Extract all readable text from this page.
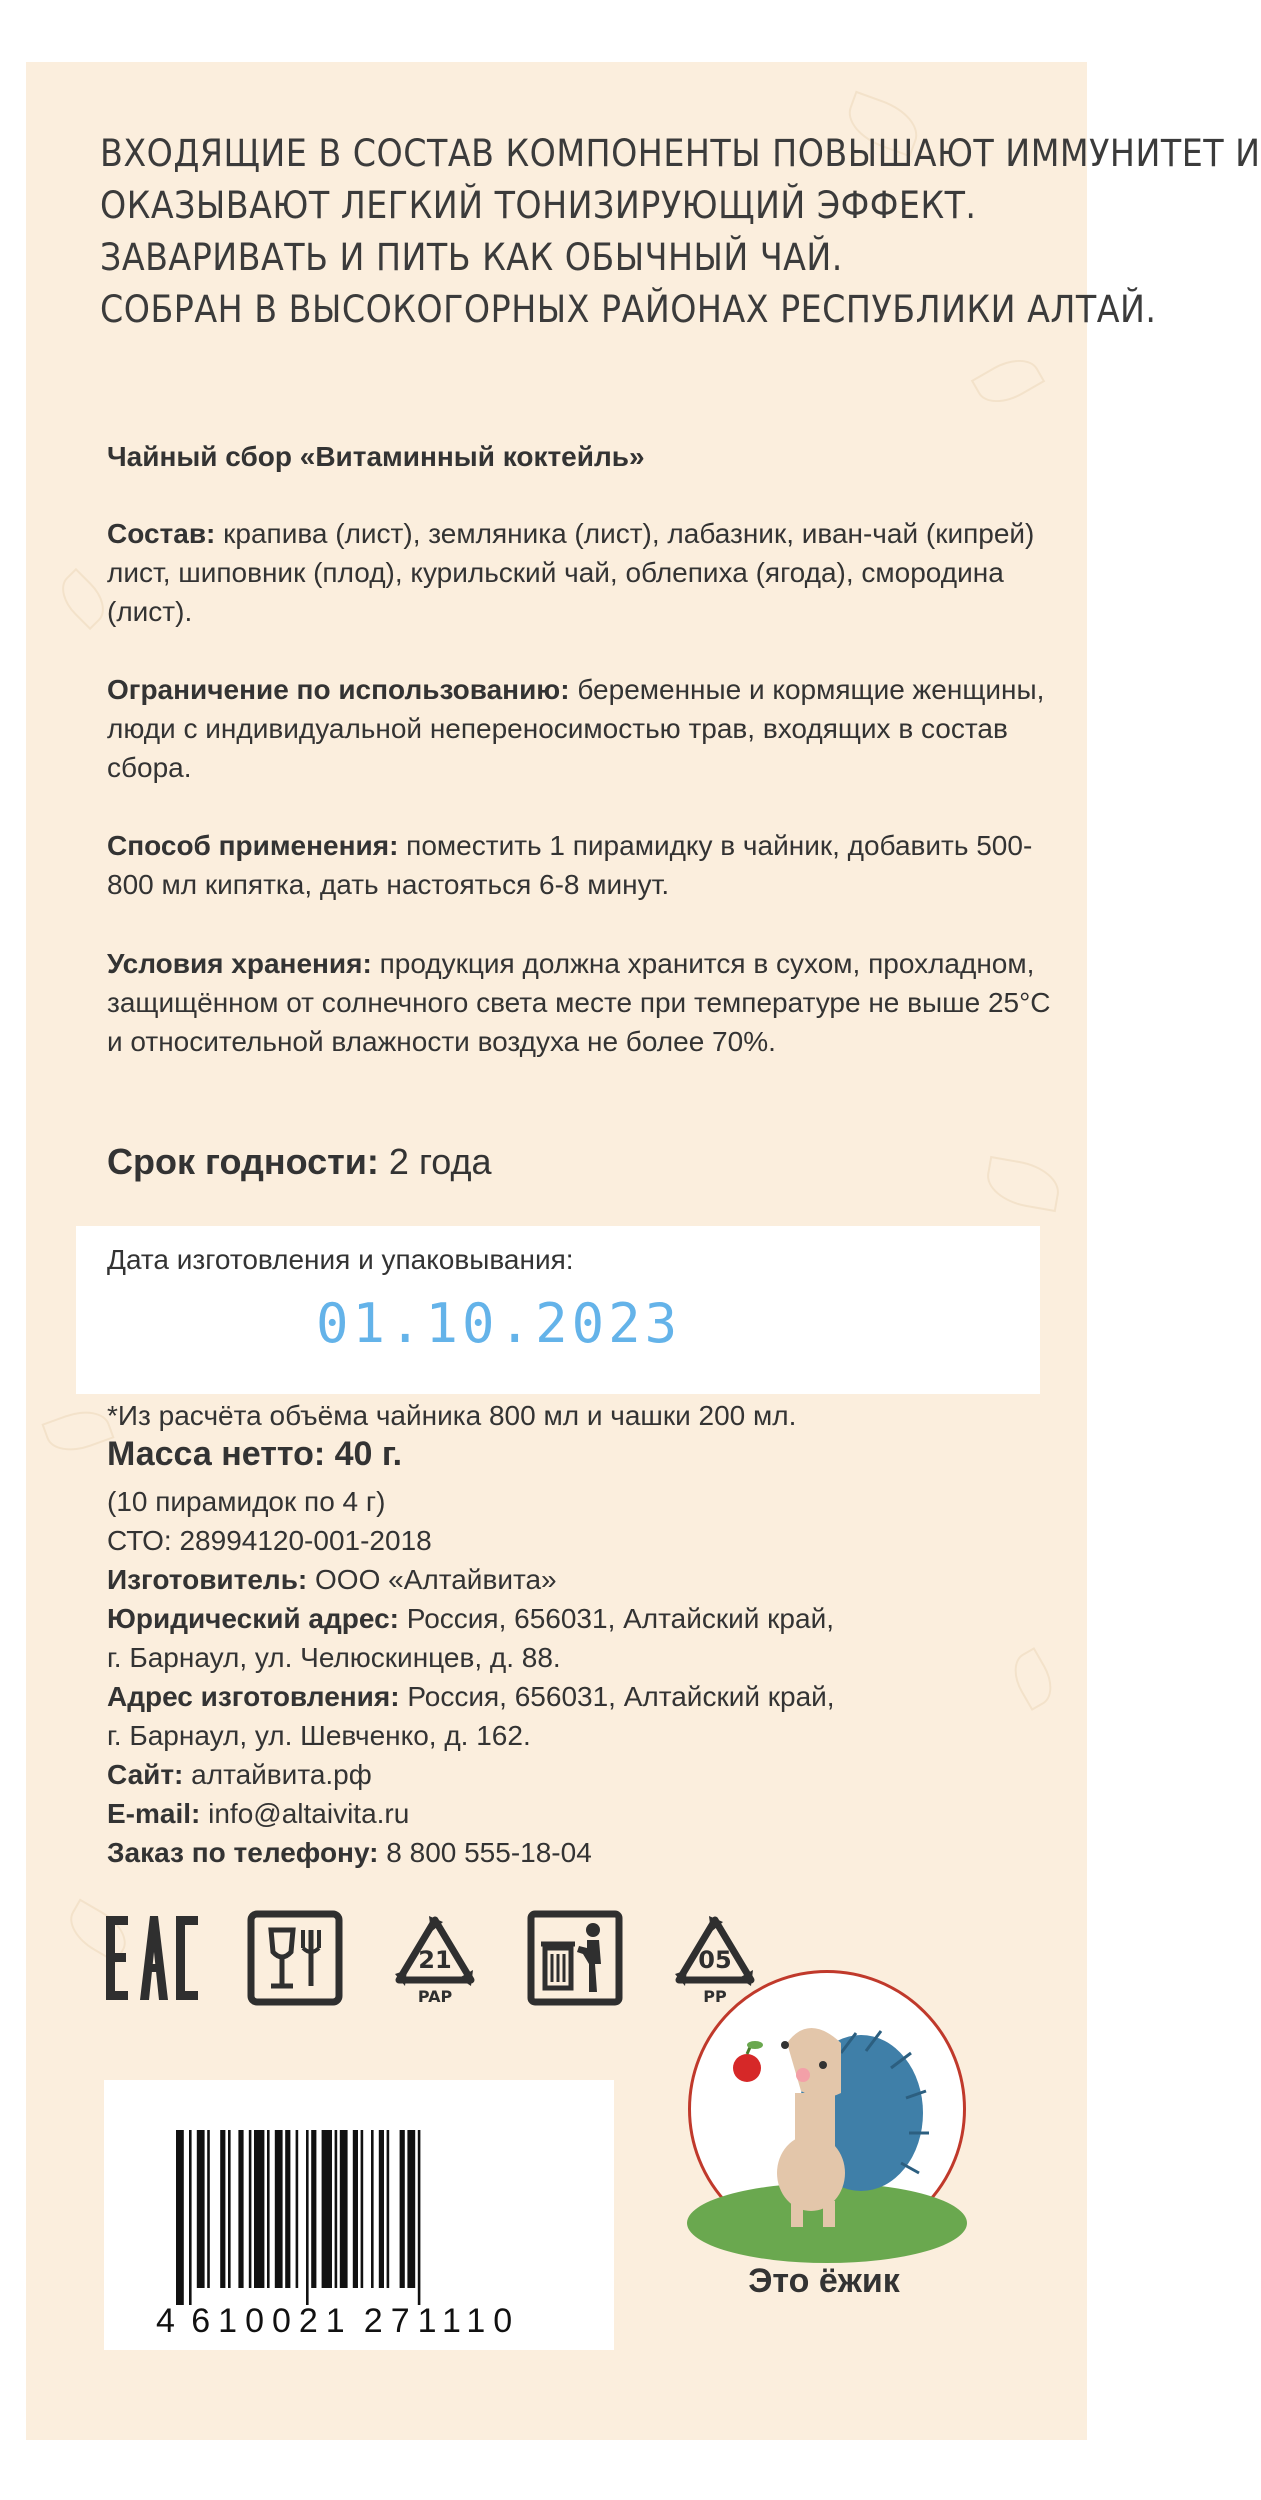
ВХОДЯЩИЕ В СОСТАВ КОМПОНЕНТЫ ПОВЫШАЮТ ИММУНИТЕТ И
ОКАЗЫВАЮТ ЛЕГКИЙ ТОНИЗИРУЮЩИЙ ЭФФЕКТ.
ЗАВАРИВАТЬ И ПИТЬ КАК ОБЫЧНЫЙ ЧАЙ.
СОБРАН В ВЫСОКОГОРНЫХ РАЙОНАХ РЕСПУБЛИКИ АЛТАЙ.
Чайный сбор «Витаминный коктейль»
Состав: крапива (лист), земляника (лист), лабазник, иван-чай (кипрей) лист, шиповник (плод), курильский чай, облепиха (ягода), смородина (лист).
Ограничение по использованию: беременные и кормящие женщины, люди с индивидуальной непереносимостью трав, входящих в состав сбора.
Способ применения: поместить 1 пирамидку в чайник, добавить 500-800 мл кипятка, дать настояться 6-8 минут.
Условия хранения: продукция должна хранится в сухом, прохладном, защищённом от солнечного света месте при температуре не выше 25°С и относительной влажности воздуха не более 70%.
Срок годности: 2 года
Дата изготовления и упаковывания:
01.10.2023
*Из расчёта объёма чайника 800 мл и чашки 200 мл.
Масса нетто: 40 г.
(10 пирамидок по 4 г)
СТО: 28994120-001-2018
Изготовитель: ООО «Алтайвита»
Юридический адрес: Россия, 656031, Алтайский край,
г. Барнаул, ул. Челюскинцев, д. 88.
Адрес изготовления: Россия, 656031, Алтайский край,
г. Барнаул, ул. Шевченко, д. 162.
Сайт: алтайвита.рф
E-mail: info@altaivita.ru
Заказ по телефону: 8 800 555-18-04
21
PAP
05
PP
4 610021 271110
Это ёжик
